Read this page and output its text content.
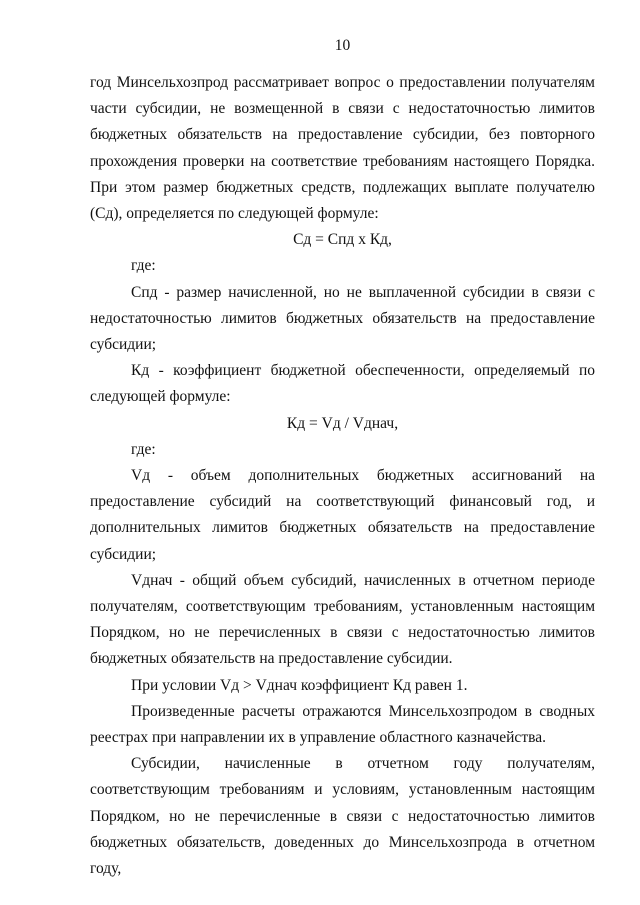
10

год Минсельхозпрод рассматривает вопрос о предоставлении получателям части субсидии, не возмещенной в связи с недостаточностью лимитов бюджетных обязательств на предоставление субсидии, без повторного прохождения проверки на соответствие требованиям настоящего Порядка. При этом размер бюджетных средств, подлежащих выплате получателю (Сд), определяется по следующей формуле:

Сд = Спд х Кд,

где:

Спд - размер начисленной, но не выплаченной субсидии в связи с недостаточностью лимитов бюджетных обязательств на предоставление субсидии;

Кд - коэффициент бюджетной обеспеченности, определяемый по следующей формуле:

Кд = Vд / Vднач,

где:

Vд - объем дополнительных бюджетных ассигнований на предоставление субсидий на соответствующий финансовый год, и дополнительных лимитов бюджетных обязательств на предоставление субсидии;

Vднач - общий объем субсидий, начисленных в отчетном периоде получателям, соответствующим требованиям, установленным настоящим Порядком, но не перечисленных в связи с недостаточностью лимитов бюджетных обязательств на предоставление субсидии.

При условии Vд > Vднач коэффициент Кд равен 1.

Произведенные расчеты отражаются Минсельхозпродом в сводных реестрах при направлении их в управление областного казначейства.

Субсидии, начисленные в отчетном году получателям, соответствующим требованиям и условиям, установленным настоящим Порядком, но не перечисленные в связи с недостаточностью лимитов бюджетных обязательств, доведенных до Минсельхозпрода в отчетном году,
